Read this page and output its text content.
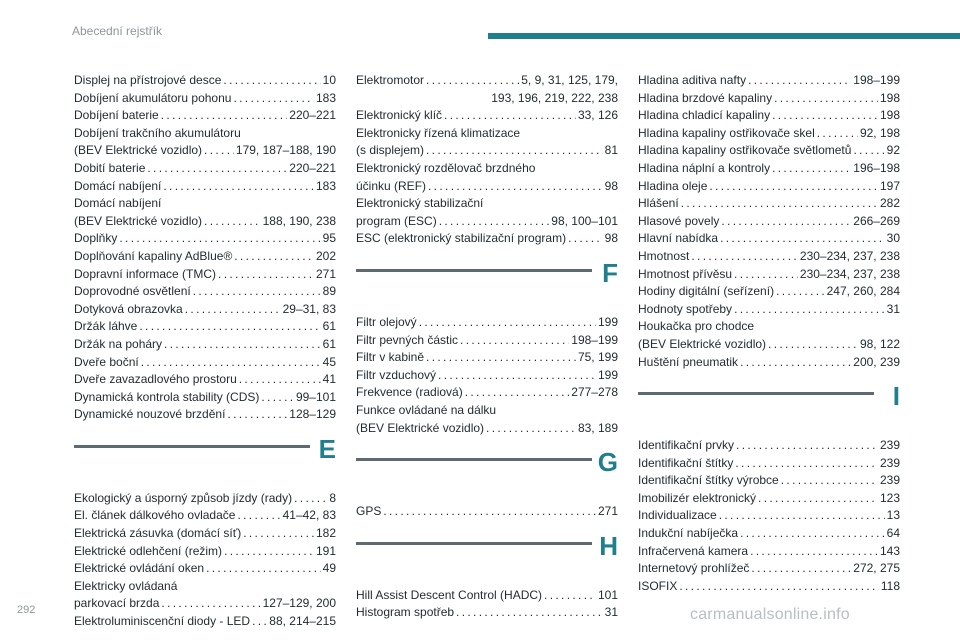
Abecední rejstřík
Displej na přístrojové desce . . .	10
Dobíjení akumulátoru pohonu . . .	183
Dobíjení baterie . . .	220–221
Dobíjení trakčního akumulátoru
(BEV Elektrické vozidlo) . . .	179, 187–188, 190
Dobití baterie . . .	220–221
Domácí nabíjení . . .	183
Domácí nabíjení
(BEV Elektrické vozidlo) . . .	188, 190, 238
Doplňky . . .	95
Doplňování kapaliny AdBlue® . . .	202
Dopravní informace (TMC) . . .	271
Doprovodné osvětlení . . .	89
Dotyková obrazovka . . .	29–31, 83
Držák láhve . . .	61
Držák na poháry . . .	61
Dveře boční . . .	45
Dveře zavazadlového prostoru . . .	41
Dynamická kontrola stability (CDS) . . .	99–101
Dynamické nouzové brzdění . . .	128–129
E
Ekologický a úsporný způsob jízdy (rady) . . .	8
El. článek dálkového ovladače . . .	41–42, 83
Elektrická zásuvka (domácí síť) . . .	182
Elektrické odlehčení (režim) . . .	191
Elektrické ovládání oken . . .	49
Elektricky ovládaná
parkovací brzda . . .	127–129, 200
Elektroluminiscenční diody - LED . . . 88, 214–215
Elektromotor . . .	5, 9, 31, 125, 179,
193, 196, 219, 222, 238
Elektronický klíč . . .	33, 126
Elektronicky řízená klimatizace
(s displejem) . . .	81
Elektronický rozdělovač brzdného
účinku (REF) . . .	98
Elektronický stabilizační
program (ESC) . . .	98, 100–101
ESC (elektronický stabilizační program) . . .	98
F
Filtr olejový . . .	199
Filtr pevných částic . . .	198–199
Filtr v kabině . . .	75, 199
Filtr vzduchový . . .	199
Frekvence (radiová) . . .	277–278
Funkce ovládané na dálku
(BEV Elektrické vozidlo) . . .	83, 189
G
GPS . . .	271
H
Hill Assist Descent Control (HADC) . . .	101
Histogram spotřeb . . .	31
Hladina aditiva nafty . . .	198–199
Hladina brzdové kapaliny . . .	198
Hladina chladicí kapaliny . . .	198
Hladina kapaliny ostřikovače skel . . .	92, 198
Hladina kapaliny ostřikovače světlometů . . .	92
Hladina náplní a kontroly . . .	196–198
Hladina oleje . . .	197
Hlášení . . .	282
Hlasové povely . . .	266–269
Hlavní nabídka . . .	30
Hmotnost . . .	230–234, 237, 238
Hmotnost přívěsu . . .	230–234, 237, 238
Hodiny digitální (seřízení) . . .	247, 260, 284
Hodnoty spotřeby . . .	31
Houkačka pro chodce
(BEV Elektrické vozidlo) . . .	98, 122
Huštění pneumatik . . .	200, 239
I
Identifikační prvky . . .	239
Identifikační štítky . . .	239
Identifikační štítky výrobce . . .	239
Imobilizér elektronický . . .	123
Individualizace . . .	13
Indukční nabíječka . . .	64
Infračervená kamera . . .	143
Internetový prohlížeč . . .	272, 275
ISOFIX . . .	118
292	carmanualsonline.info
